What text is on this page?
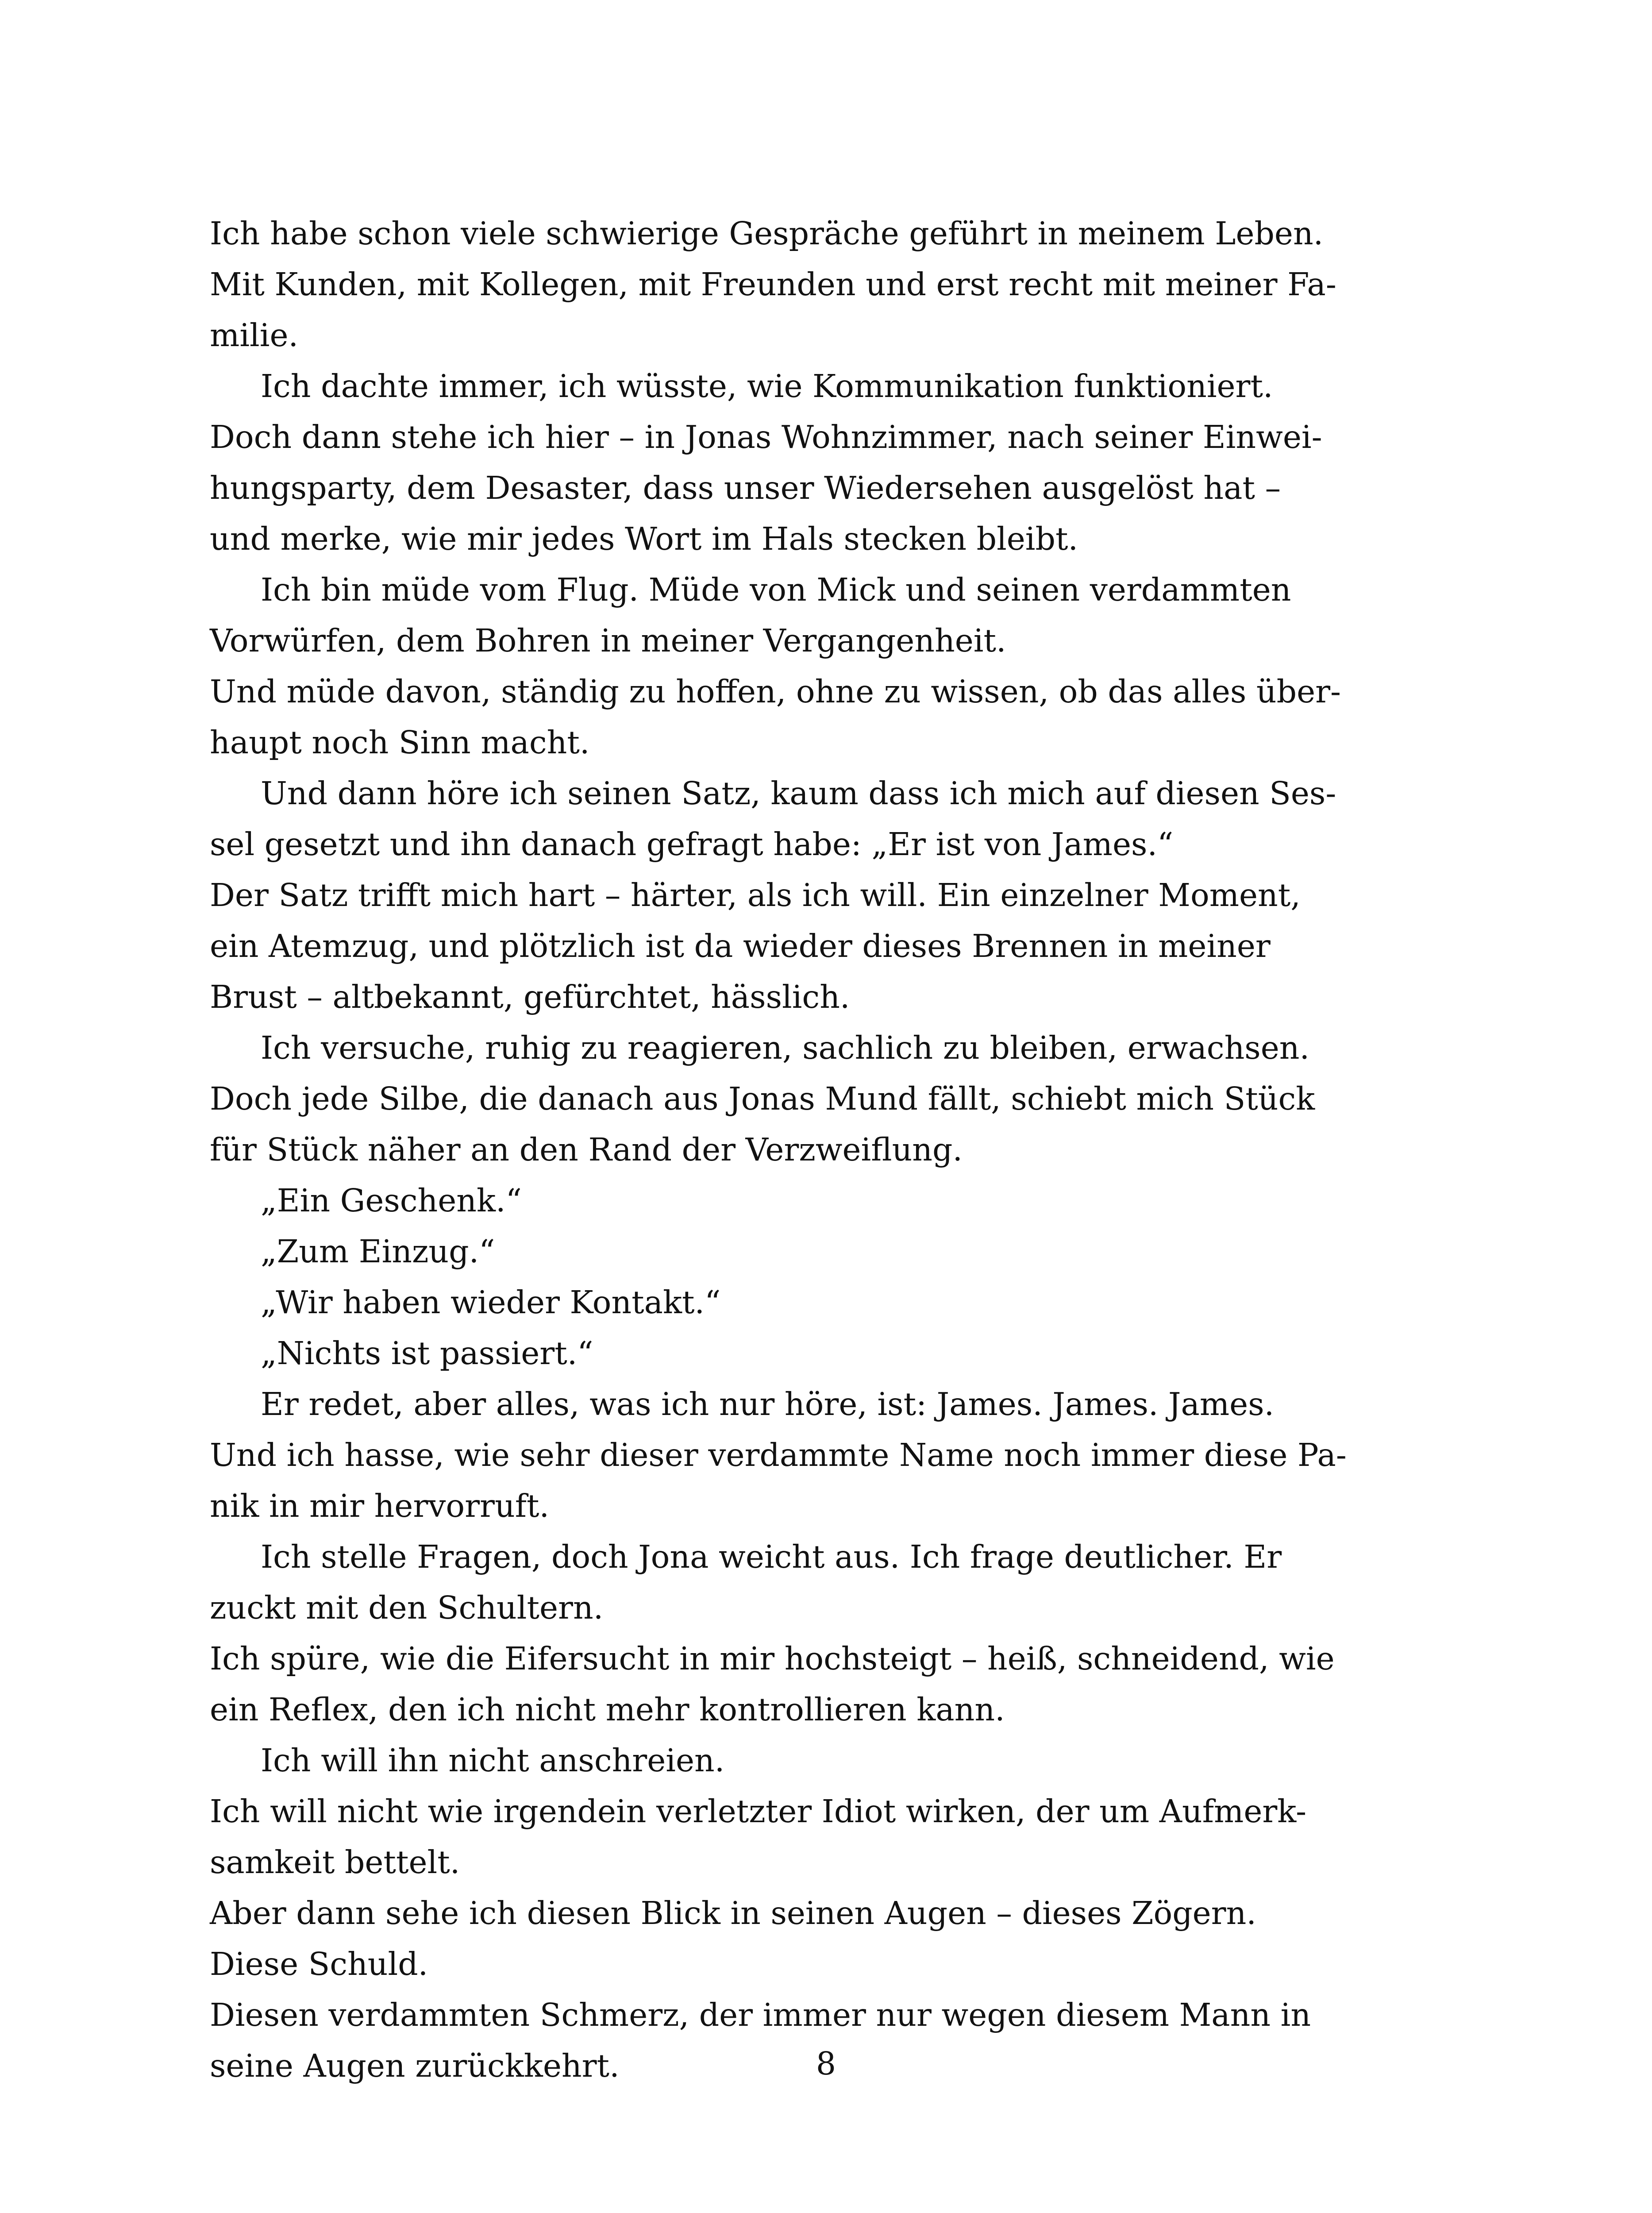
Ich habe schon viele schwierige Gespräche geführt in meinem Leben.
Mit Kunden, mit Kollegen, mit Freunden und erst recht mit meiner Fa-
milie.
Ich dachte immer, ich wüsste, wie Kommunikation funktioniert.
Doch dann stehe ich hier – in Jonas Wohnzimmer, nach seiner Einwei-
hungsparty, dem Desaster, dass unser Wiedersehen ausgelöst hat –
und merke, wie mir jedes Wort im Hals stecken bleibt.
Ich bin müde vom Flug. Müde von Mick und seinen verdammten
Vorwürfen, dem Bohren in meiner Vergangenheit.
Und müde davon, ständig zu hoffen, ohne zu wissen, ob das alles über-
haupt noch Sinn macht.
Und dann höre ich seinen Satz, kaum dass ich mich auf diesen Ses-
sel gesetzt und ihn danach gefragt habe: „Er ist von James.“
Der Satz trifft mich hart – härter, als ich will. Ein einzelner Moment,
ein Atemzug, und plötzlich ist da wieder dieses Brennen in meiner
Brust – altbekannt, gefürchtet, hässlich.
Ich versuche, ruhig zu reagieren, sachlich zu bleiben, erwachsen.
Doch jede Silbe, die danach aus Jonas Mund fällt, schiebt mich Stück
für Stück näher an den Rand der Verzweiflung.
„Ein Geschenk.“
„Zum Einzug.“
„Wir haben wieder Kontakt.“
„Nichts ist passiert.“
Er redet, aber alles, was ich nur höre, ist: James. James. James.
Und ich hasse, wie sehr dieser verdammte Name noch immer diese Pa-
nik in mir hervorruft.
Ich stelle Fragen, doch Jona weicht aus. Ich frage deutlicher. Er
zuckt mit den Schultern.
Ich spüre, wie die Eifersucht in mir hochsteigt – heiß, schneidend, wie
ein Reflex, den ich nicht mehr kontrollieren kann.
Ich will ihn nicht anschreien.
Ich will nicht wie irgendein verletzter Idiot wirken, der um Aufmerk-
samkeit bettelt.
Aber dann sehe ich diesen Blick in seinen Augen – dieses Zögern.
Diese Schuld.
Diesen verdammten Schmerz, der immer nur wegen diesem Mann in
seine Augen zurückkehrt.	8
